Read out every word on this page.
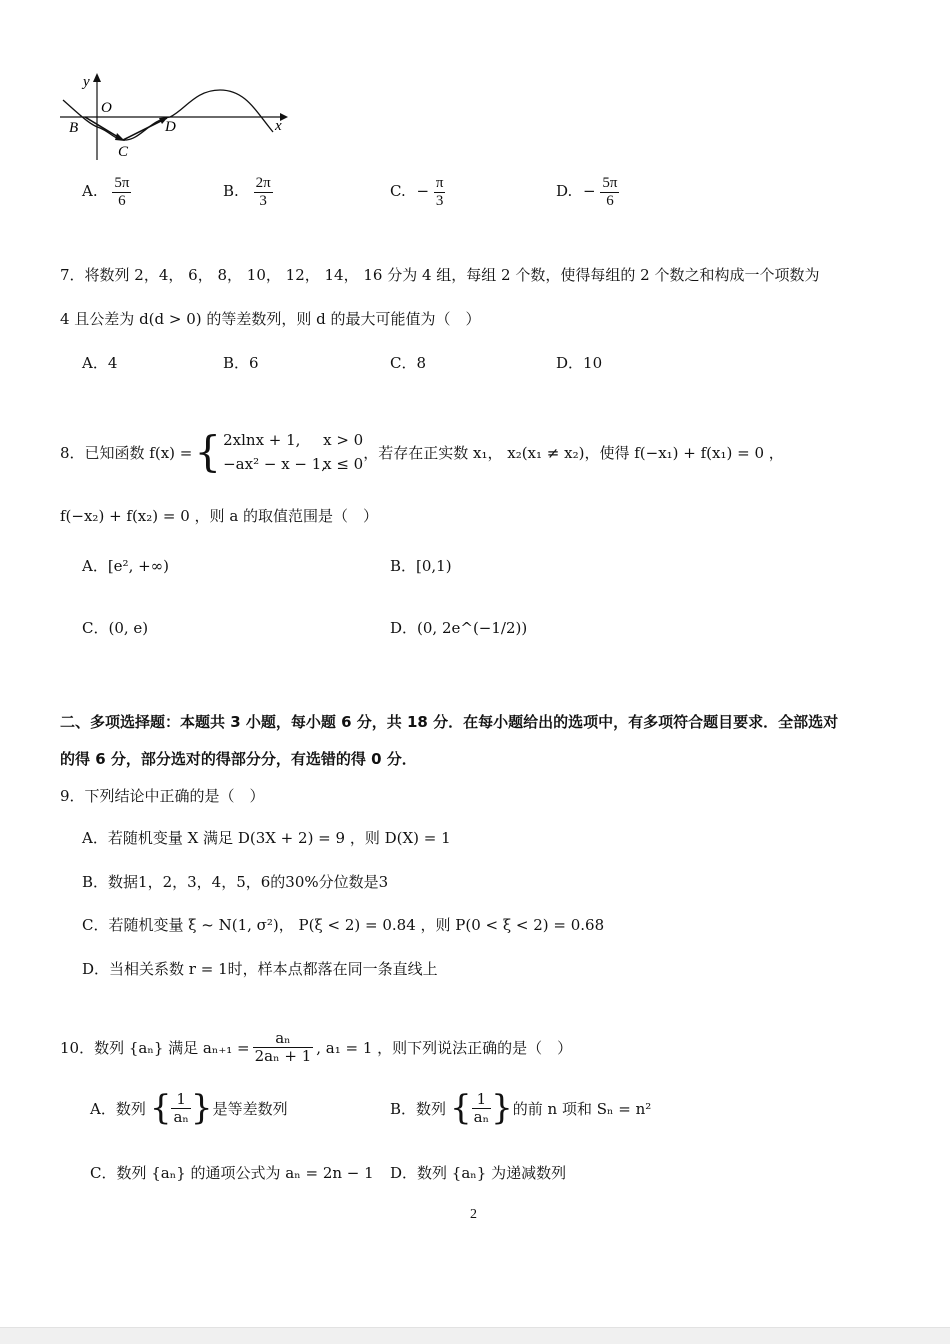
y
x
O
B
C
D
A. $\frac{5\pi}{6}$	B. $\frac{2\pi}{3}$	C. − $\frac{\pi}{3}$	D. − $\frac{5\pi}{6}$
7．将数列 2，4， 6， 8， 10， 12， 14， 16 分为 4 组，每组 2 个数，使得每组的 2 个数之和构成一个项数为
4 且公差为 d(d > 0) 的等差数列，则 d 的最大可能值为（　）
A．4	B．6	C．8	D．10
8．已知函数 f(x) = { 2xlnx + 1, x > 0
−ax² − x − 1,x ≤ 0
，若存在正实数 x₁， x₂(x₁ ≠ x₂)，使得 f(−x₁) + f(x₁) = 0 ，
f(−x₂) + f(x₂) = 0 ，则 a 的取值范围是（　）
A．[e², +∞)	B．[0,1)
C．(0, e)	D．(0, 2e^(−1/2))
二、多项选择题：本题共 3 小题，每小题 6 分，共 18 分．在每小题给出的选项中，有多项符合题目要求．全部选对
的得 6 分，部分选对的得部分分，有选错的得 0 分．
9．下列结论中正确的是（　）
A．若随机变量 X 满足 D(3X + 2) = 9 ，则 D(X) = 1
B．数据1，2，3，4，5，6的30%分位数是3
C．若随机变量 ξ ~ N(1, σ²)， P(ξ < 2) = 0.84 ，则 P(0 < ξ < 2) = 0.68
D．当相关系数 r = 1时，样本点都落在同一条直线上
10．数列 {aₙ} 满足 $a_{n+1} = \frac{\text{aₙ}}{\text{2aₙ + 1}}$ , a₁ = 1 ，则下列说法正确的是（　）
A．数列 { $\frac{1}{\text{aₙ}}$ } 是等差数列	B．数列 { $\frac{1}{\text{aₙ}}$ } 的前 n 项和 Sₙ = n²
C．数列 {aₙ} 的通项公式为 aₙ = 2n − 1 D．数列 {aₙ} 为递减数列
2
